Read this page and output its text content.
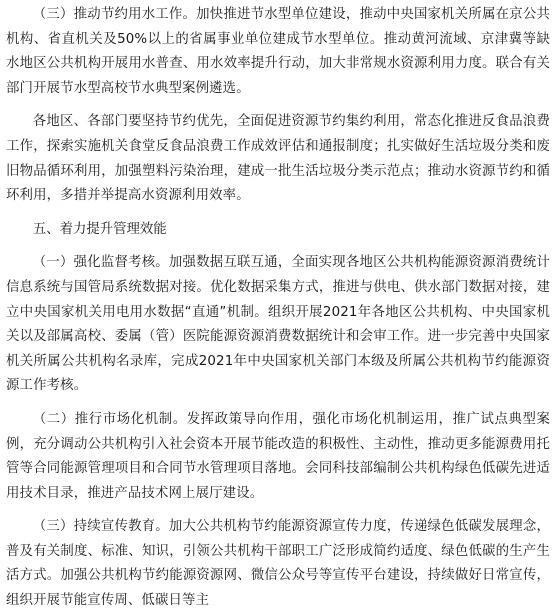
（三）推动节约用水工作。加快推进节水型单位建设，推动中央国家机关所属在京公共机构、省直机关及50%以上的省属事业单位建成节水型单位。推动黄河流域、京津冀等缺水地区公共机构开展用水普查、用水效率提升行动，加大非常规水资源利用力度。联合有关部门开展节水型高校节水典型案例遴选。

各地区、各部门要坚持节约优先，全面促进资源节约集约利用，常态化推进反食品浪费工作，探索实施机关食堂反食品浪费工作成效评估和通报制度；扎实做好生活垃圾分类和废旧物品循环利用，加强塑料污染治理，建成一批生活垃圾分类示范点；推动水资源节约和循环利用，多措并举提高水资源利用效率。

五、着力提升管理效能

（一）强化监督考核。加强数据互联互通，全面实现各地区公共机构能源资源消费统计信息系统与国管局系统数据对接。优化数据采集方式，推进与供电、供水部门数据对接，建立中央国家机关用电用水数据“直通”机制。组织开展2021年各地区公共机构、中央国家机关以及部属高校、委属（管）医院能源资源消费数据统计和会审工作。进一步完善中央国家机关所属公共机构名录库，完成2021年中央国家机关部门本级及所属公共机构节约能源资源工作考核。

（二）推行市场化机制。发挥政策导向作用，强化市场化机制运用，推广试点典型案例，充分调动公共机构引入社会资本开展节能改造的积极性、主动性，推动更多能源费用托管等合同能源管理项目和合同节水管理项目落地。会同科技部编制公共机构绿色低碳先进适用技术目录，推进产品技术网上展厅建设。

（三）持续宣传教育。加大公共机构节约能源资源宣传力度，传递绿色低碳发展理念，普及有关制度、标准、知识，引领公共机构干部职工广泛形成简约适度、绿色低碳的生产生活方式。加强公共机构节约能源资源网、微信公众号等宣传平台建设，持续做好日常宣传，组织开展节能宣传周、低碳日等主
